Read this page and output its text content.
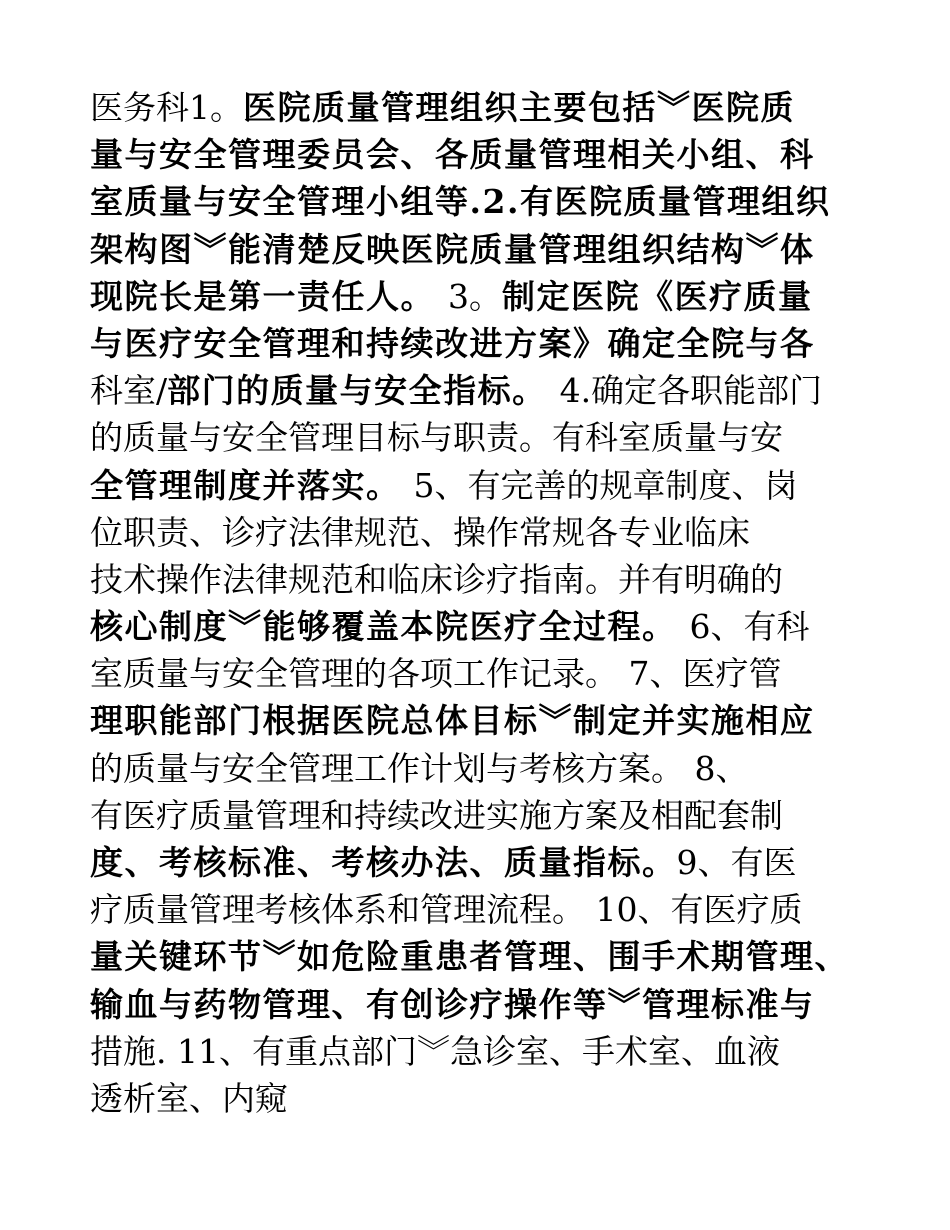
医务科1。医院质量管理组织主要包括︾医院质
量与安全管理委员会、各质量管理相关小组、科
室质量与安全管理小组等.2.有医院质量管理组织
架构图︾能清楚反映医院质量管理组织结构︾体
现院长是第一责任人。 3。制定医院《医疗质量
与医疗安全管理和持续改进方案》确定全院与各
科室/部门的质量与安全指标。 4.确定各职能部门
的质量与安全管理目标与职责。有科室质量与安
全管理制度并落实。 5、有完善的规章制度、岗
位职责、诊疗法律规范、操作常规各专业临床
技术操作法律规范和临床诊疗指南。并有明确的
核心制度︾能够覆盖本院医疗全过程。 6、有科
室质量与安全管理的各项工作记录。 7、医疗管
理职能部门根据医院总体目标︾制定并实施相应
的质量与安全管理工作计划与考核方案。 8、
有医疗质量管理和持续改进实施方案及相配套制
度、考核标准、考核办法、质量指标。9、有医
疗质量管理考核体系和管理流程。 10、有医疗质
量关键环节︾如危险重患者管理、围手术期管理、
输血与药物管理、有创诊疗操作等︾管理标准与
措施. 11、有重点部门︾急诊室、手术室、血液
透析室、内窥
